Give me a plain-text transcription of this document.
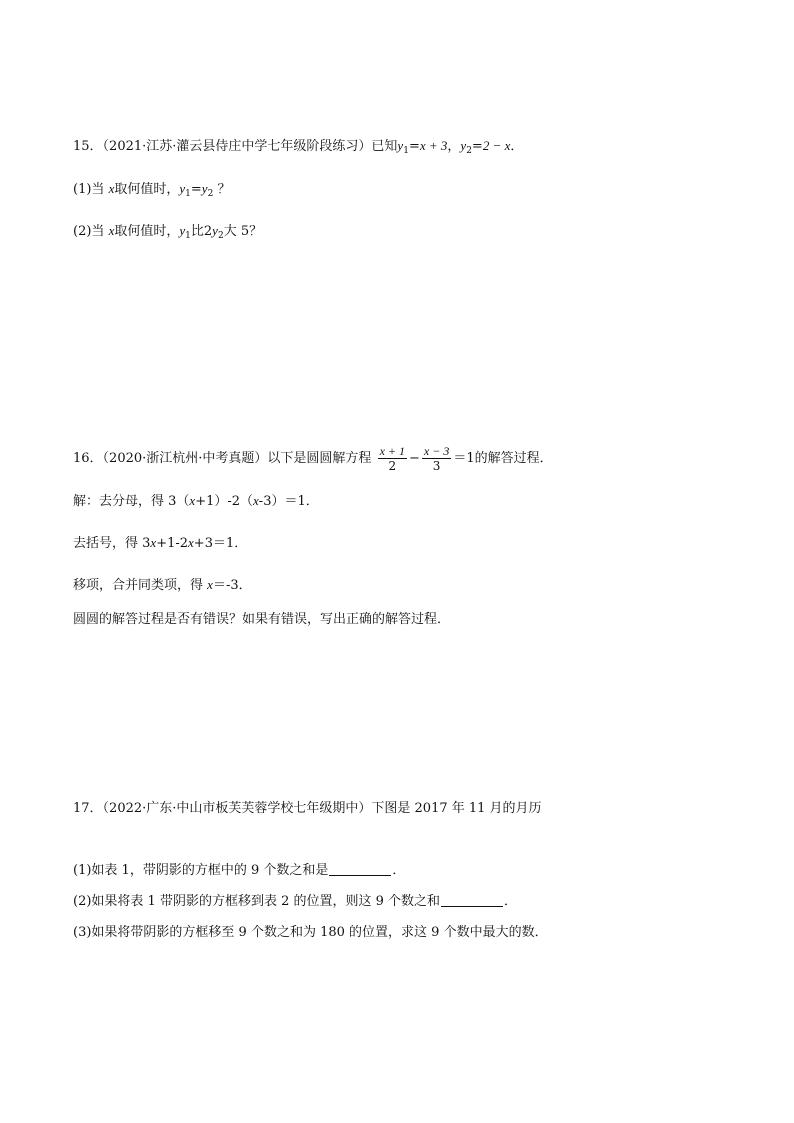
15．（2021·江苏·灌云县侍庄中学七年级阶段练习）已知$y_1=x + 3$，$y_2=2 - x$．
(1)当 x取何值时，$y_1=y_2$ ？
(2)当 x取何值时，$y_1$比$2y_2$大 5？
16．（2020·浙江杭州·中考真题）以下是圆圆解方程 $\frac{x + 1}{2} - \frac{x - 3}{3} =1$的解答过程．
解：去分母，得 3（x+1）-2（x-3）＝1．
去括号，得 3x+1-2x+3＝1．
移项，合并同类项，得 x＝-3．
圆圆的解答过程是否有错误？如果有错误，写出正确的解答过程．
17．（2022·广东·中山市板芙芙蓉学校七年级期中）下图是 2017 年 11 月的月历
(1)如表 1，带阴影的方框中的 9 个数之和是	．
(2)如果将表 1 带阴影的方框移到表 2 的位置，则这 9 个数之和	．
(3)如果将带阴影的方框移至 9 个数之和为 180 的位置，求这 9 个数中最大的数．
